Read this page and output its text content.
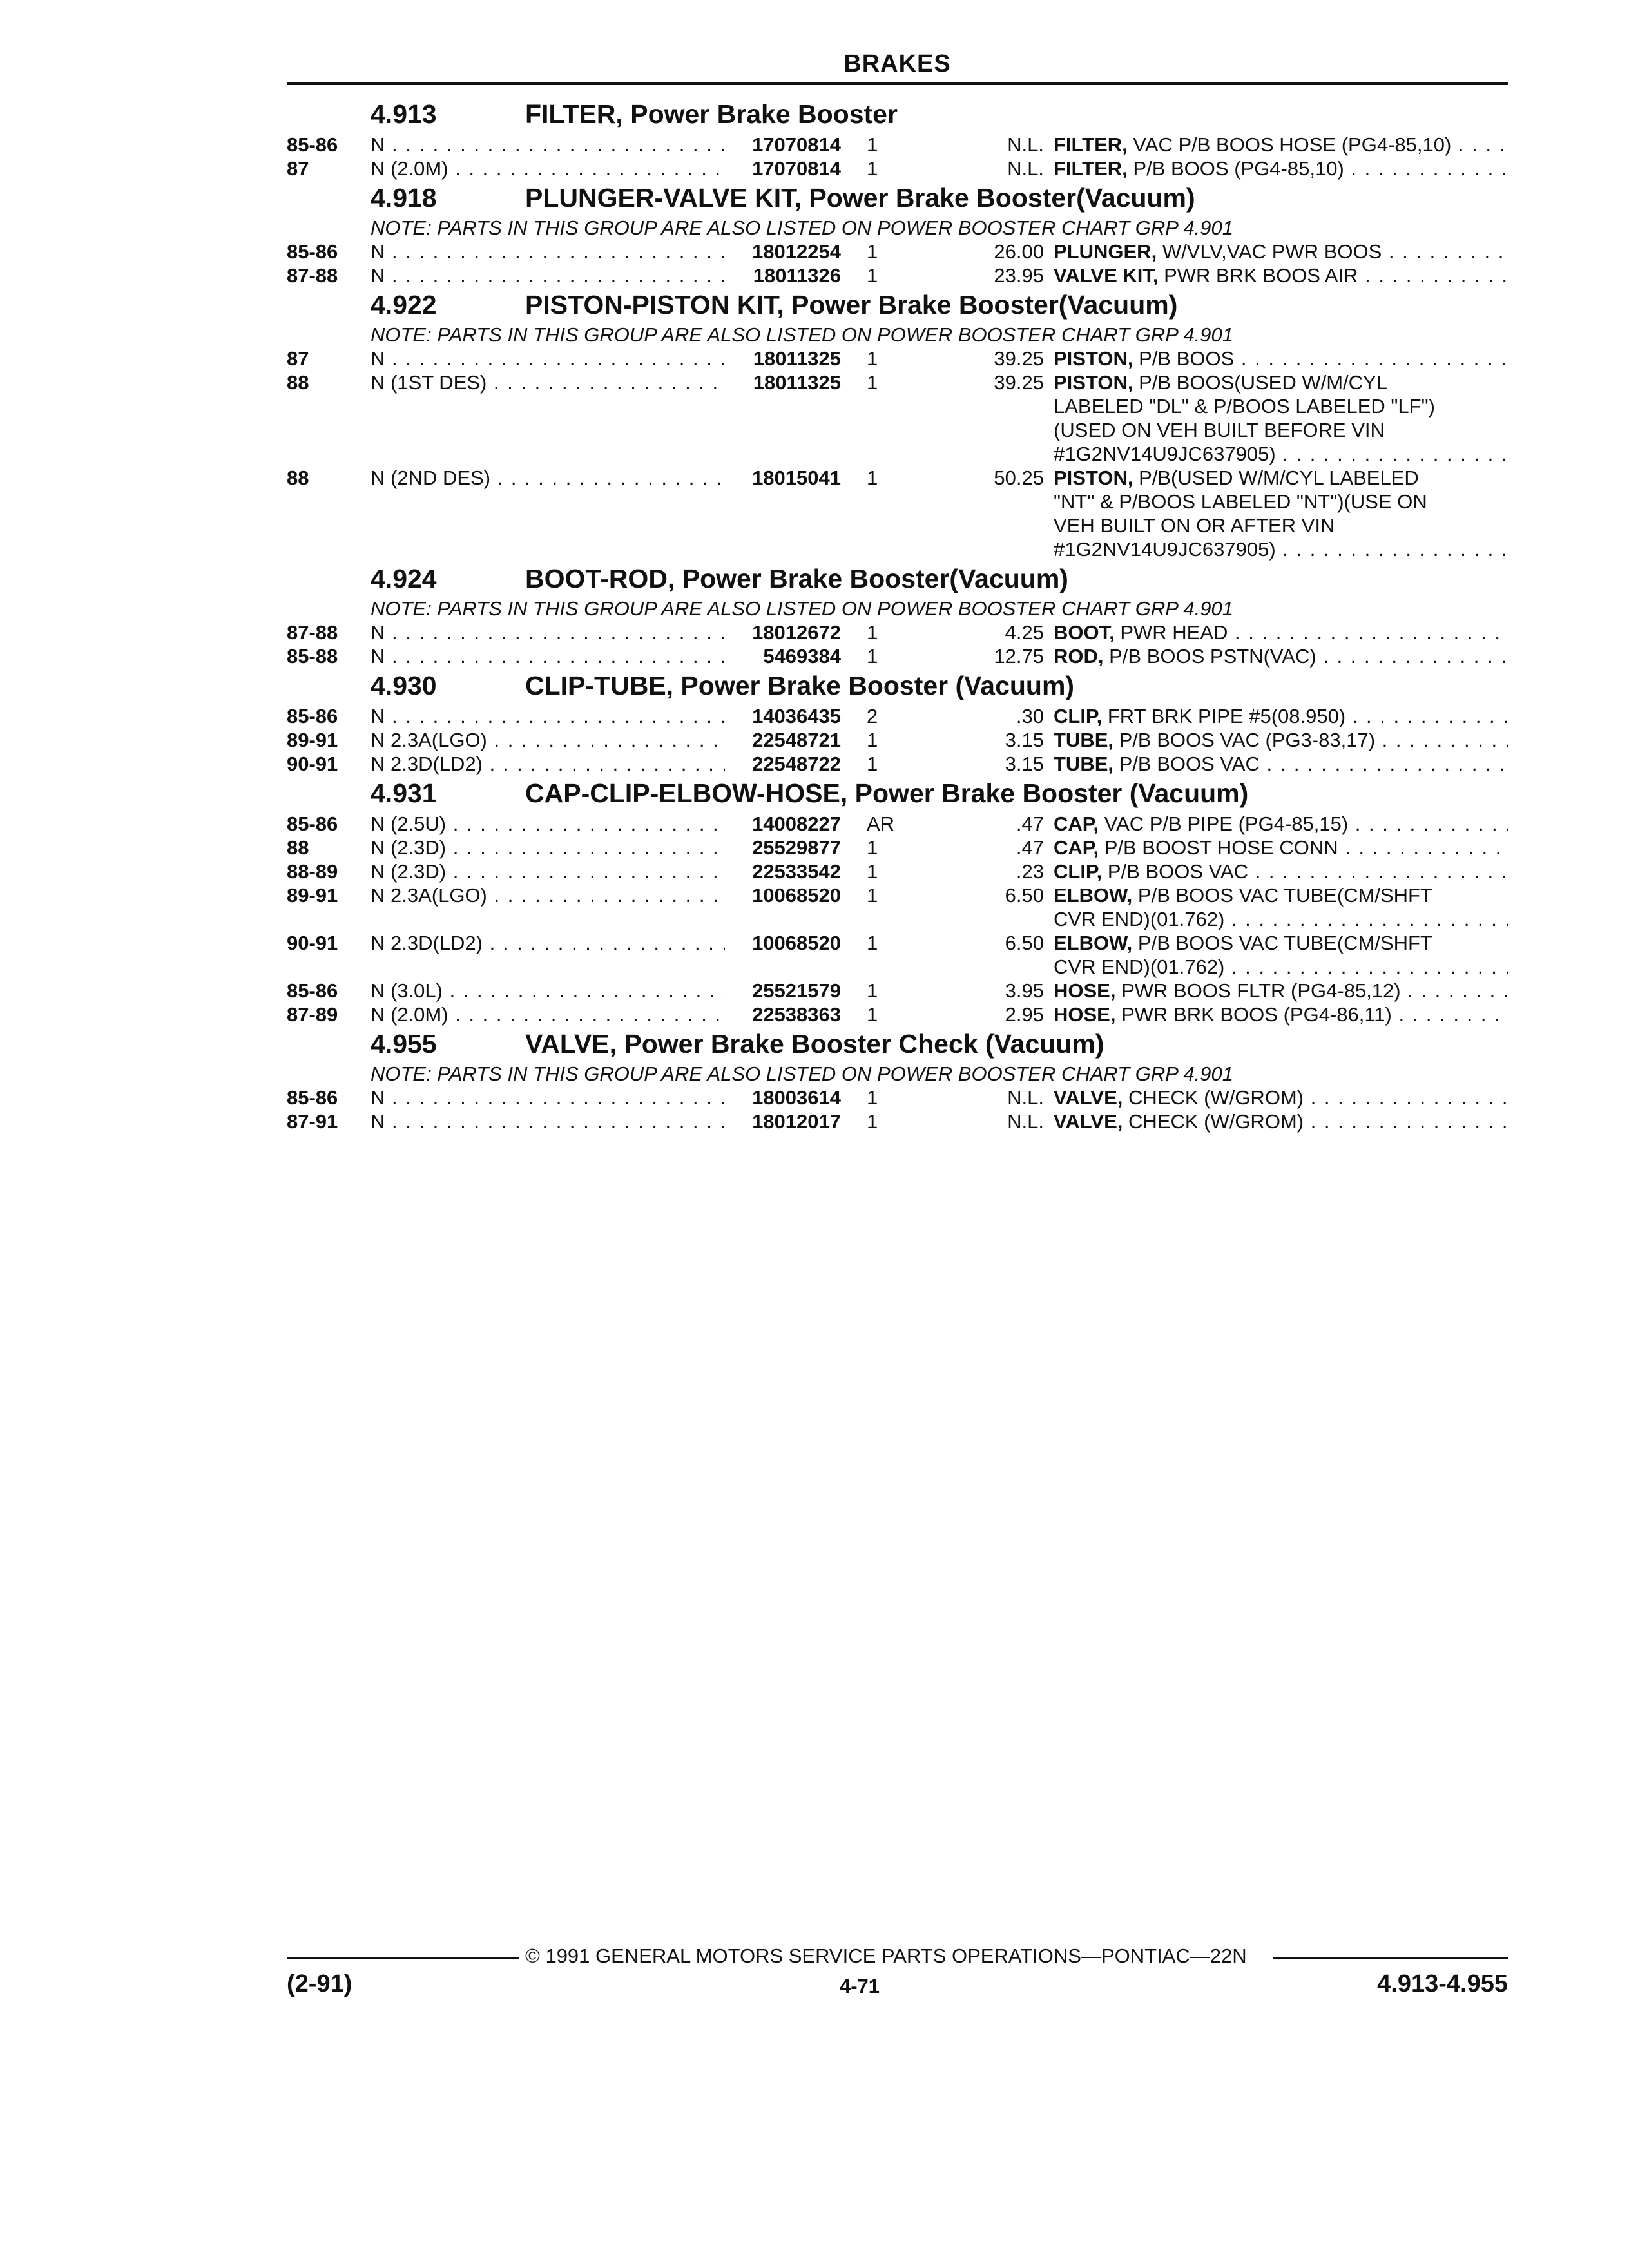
BRAKES
4.913	FILTER, Power Brake Booster
85-86 N . . .	17070814 1	N.L. FILTER, VAC P/B BOOS HOSE (PG4-85,10) . . .
87	N (2.0M) . . .	17070814 1	N.L. FILTER, P/B BOOS (PG4-85,10) . . .
4.918	PLUNGER-VALVE KIT, Power Brake Booster(Vacuum)
NOTE: PARTS IN THIS GROUP ARE ALSO LISTED ON POWER BOOSTER CHART GRP 4.901
85-86 N . . .	18012254 1	26.00 PLUNGER, W/VLV,VAC PWR BOOS . . .
87-88 N . . .	18011326 1	23.95 VALVE KIT, PWR BRK BOOS AIR . . .
4.922	PISTON-PISTON KIT, Power Brake Booster(Vacuum)
NOTE: PARTS IN THIS GROUP ARE ALSO LISTED ON POWER BOOSTER CHART GRP 4.901
87	N . . .	18011325 1	39.25 PISTON, P/B BOOS . . .
88	N (1ST DES) . . .	18011325 1	39.25 PISTON, P/B BOOS(USED W/M/CYL
LABELED "DL" & P/BOOS LABELED "LF")
(USED ON VEH BUILT BEFORE VIN
#1G2NV14U9JC637905) . . .
88	N (2ND DES) . . .	18015041 1	50.25 PISTON, P/B(USED W/M/CYL LABELED
"NT" & P/BOOS LABELED "NT")(USE ON
VEH BUILT ON OR AFTER VIN
#1G2NV14U9JC637905) . . .
4.924	BOOT-ROD, Power Brake Booster(Vacuum)
NOTE: PARTS IN THIS GROUP ARE ALSO LISTED ON POWER BOOSTER CHART GRP 4.901
87-88 N . . .	18012672 1	4.25 BOOT, PWR HEAD . . .
85-88 N . . .	5469384 1	12.75 ROD, P/B BOOS PSTN(VAC) . . .
4.930	CLIP-TUBE, Power Brake Booster (Vacuum)
85-86 N . . .	14036435 2	.30 CLIP, FRT BRK PIPE #5(08.950) . . .
89-91 N 2.3A(LGO) . . .	22548721 1	3.15 TUBE, P/B BOOS VAC (PG3-83,17) . . .
90-91 N 2.3D(LD2) . . .	22548722 1	3.15 TUBE, P/B BOOS VAC . . .
4.931	CAP-CLIP-ELBOW-HOSE, Power Brake Booster (Vacuum)
85-86 N (2.5U) . . .	14008227 AR	.47 CAP, VAC P/B PIPE (PG4-85,15) . . .
88	N (2.3D) . . .	25529877 1	.47 CAP, P/B BOOST HOSE CONN . . .
88-89 N (2.3D) . . .	22533542 1	.23 CLIP, P/B BOOS VAC . . .
89-91 N 2.3A(LGO) . . .	10068520 1	6.50 ELBOW, P/B BOOS VAC TUBE(CM/SHFT
CVR END)(01.762) . . .
90-91 N 2.3D(LD2) . . .	10068520 1	6.50 ELBOW, P/B BOOS VAC TUBE(CM/SHFT
CVR END)(01.762) . . .
85-86 N (3.0L) . . .	25521579 1	3.95 HOSE, PWR BOOS FLTR (PG4-85,12) . . .
87-89 N (2.0M) . . .	22538363 1	2.95 HOSE, PWR BRK BOOS (PG4-86,11) . . .
4.955	VALVE, Power Brake Booster Check (Vacuum)
NOTE: PARTS IN THIS GROUP ARE ALSO LISTED ON POWER BOOSTER CHART GRP 4.901
85-86 N . . .	18003614 1	N.L. VALVE, CHECK (W/GROM) . . .
87-91 N . . .	18012017 1	N.L. VALVE, CHECK (W/GROM) . . .
© 1991 GENERAL MOTORS SERVICE PARTS OPERATIONS—PONTIAC—22N
(2-91)	4-71	4.913-4.955
